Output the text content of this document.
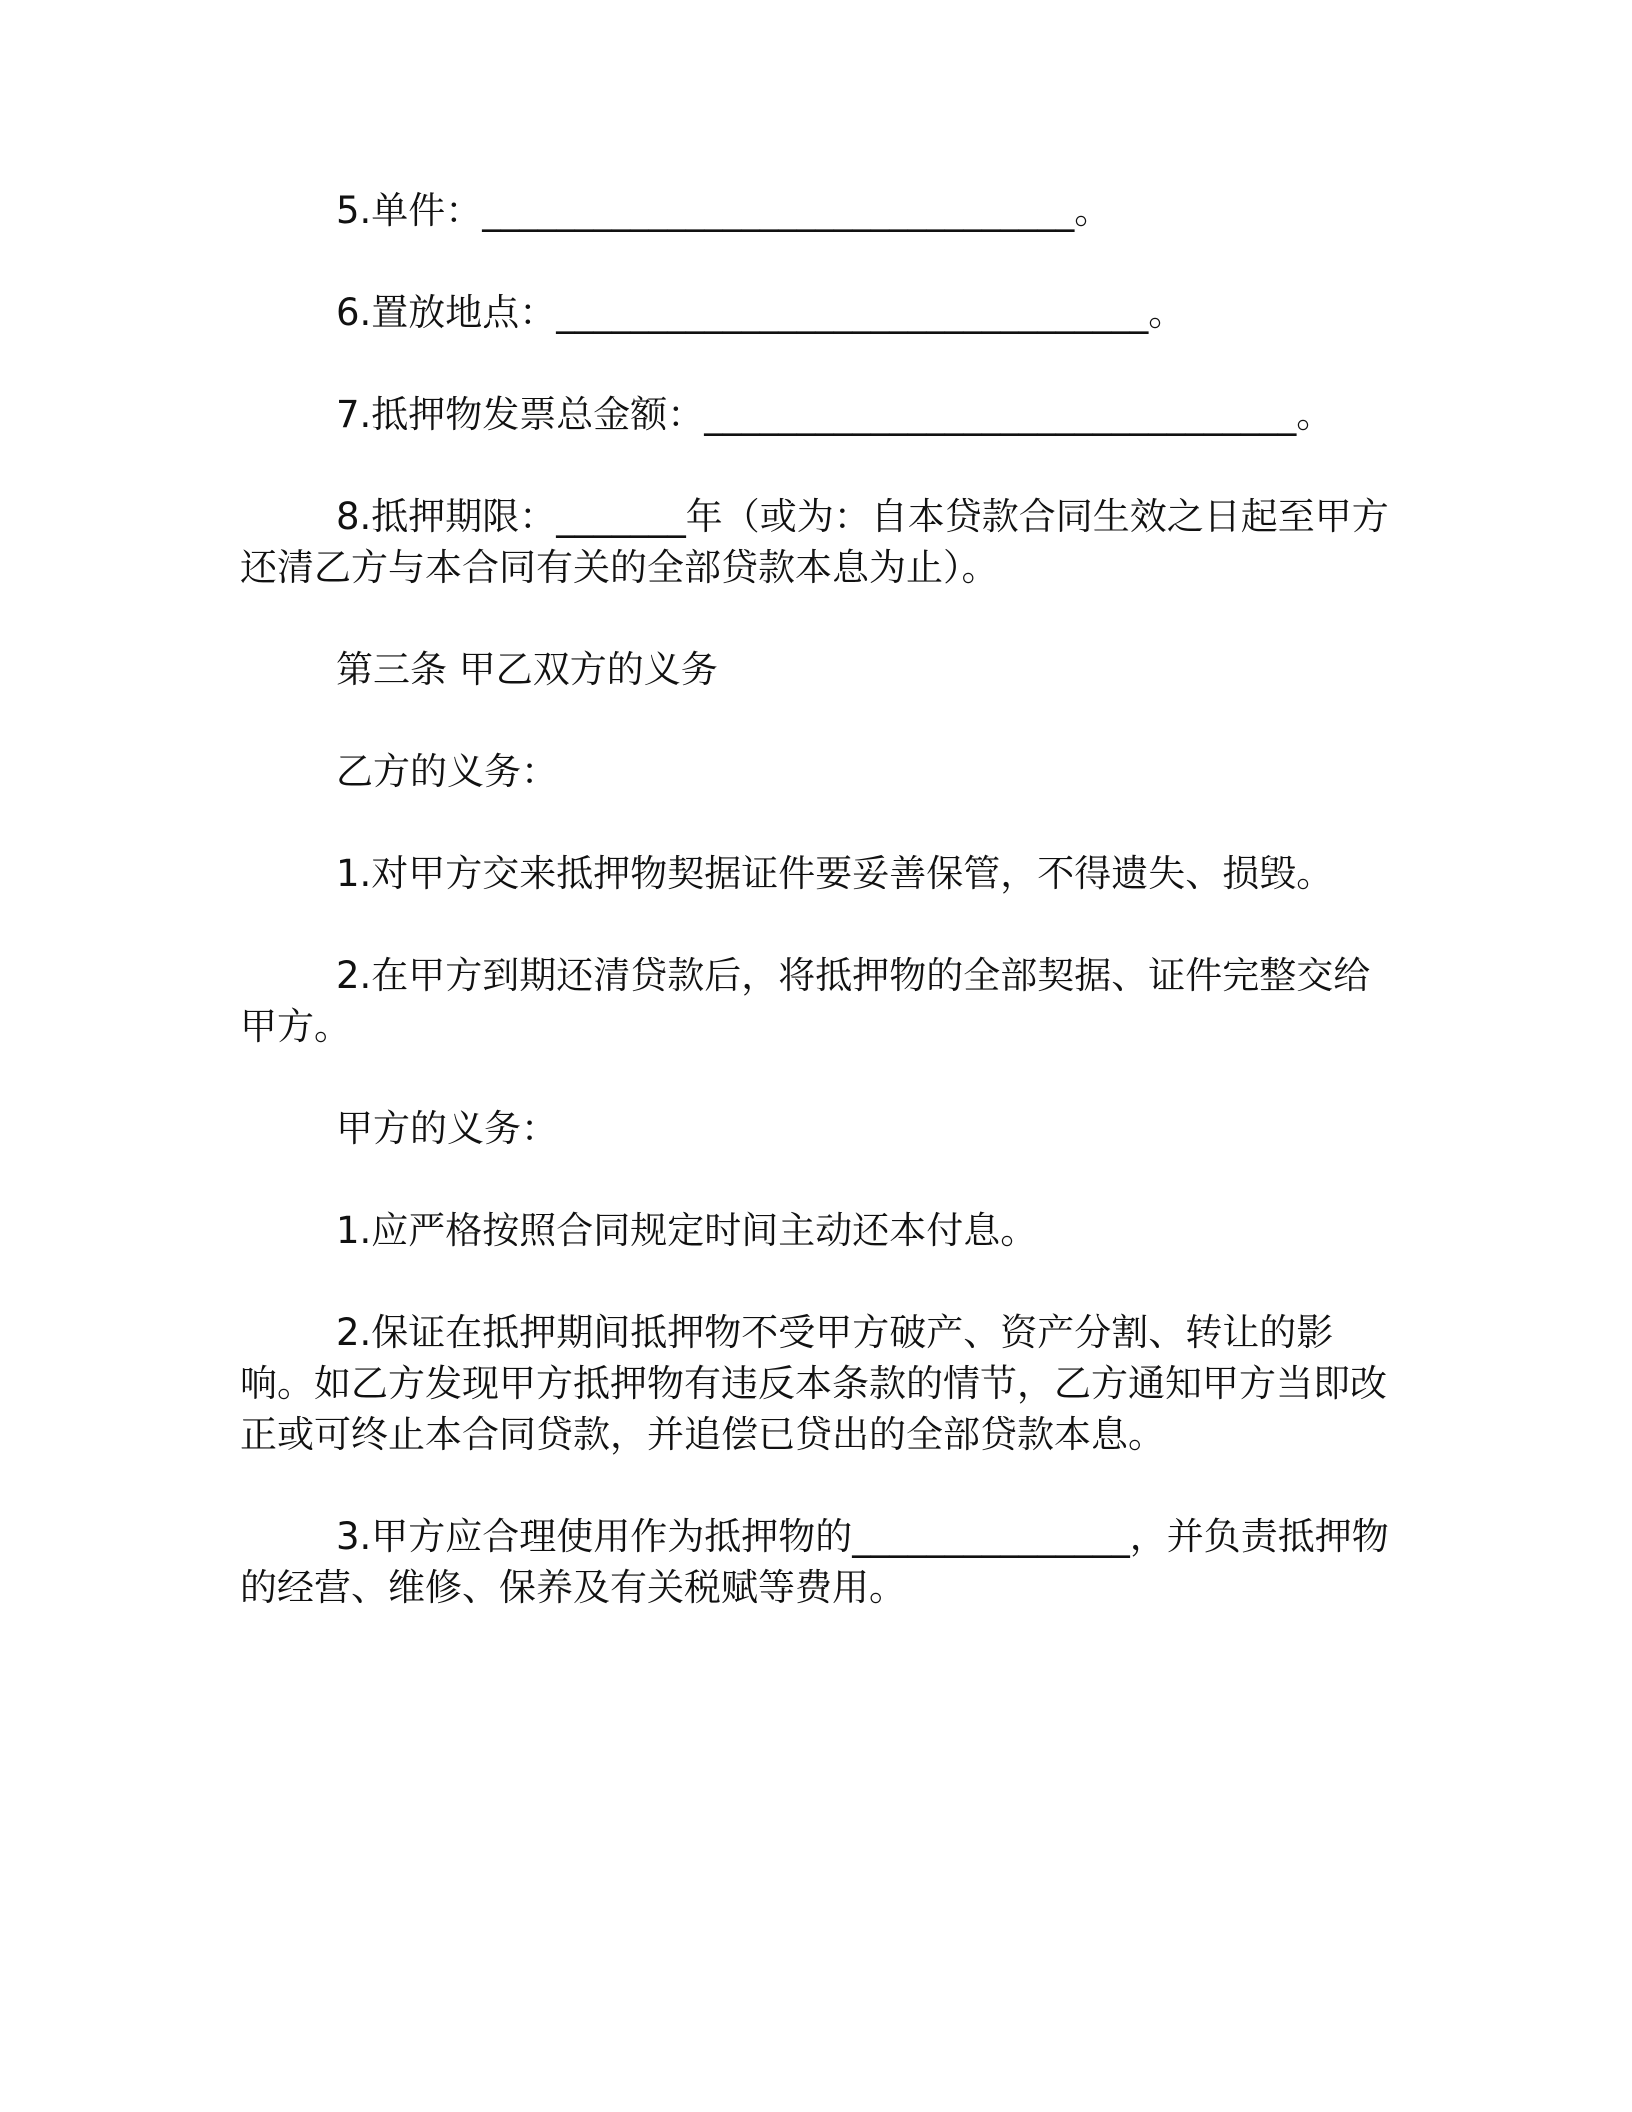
5.单件：________________________________。

6.置放地点：________________________________。

7.抵押物发票总金额：________________________________。

8.抵押期限：_______年（或为：自本贷款合同生效之日起至甲方还清乙方与本合同有关的全部贷款本息为止）。

第三条 甲乙双方的义务

乙方的义务：

1.对甲方交来抵押物契据证件要妥善保管，不得遗失、损毁。

2.在甲方到期还清贷款后，将抵押物的全部契据、证件完整交给甲方。

甲方的义务：

1.应严格按照合同规定时间主动还本付息。

2.保证在抵押期间抵押物不受甲方破产、资产分割、转让的影响。如乙方发现甲方抵押物有违反本条款的情节，乙方通知甲方当即改正或可终止本合同贷款，并追偿已贷出的全部贷款本息。

3.甲方应合理使用作为抵押物的_______________，并负责抵押物的经营、维修、保养及有关税赋等费用。
